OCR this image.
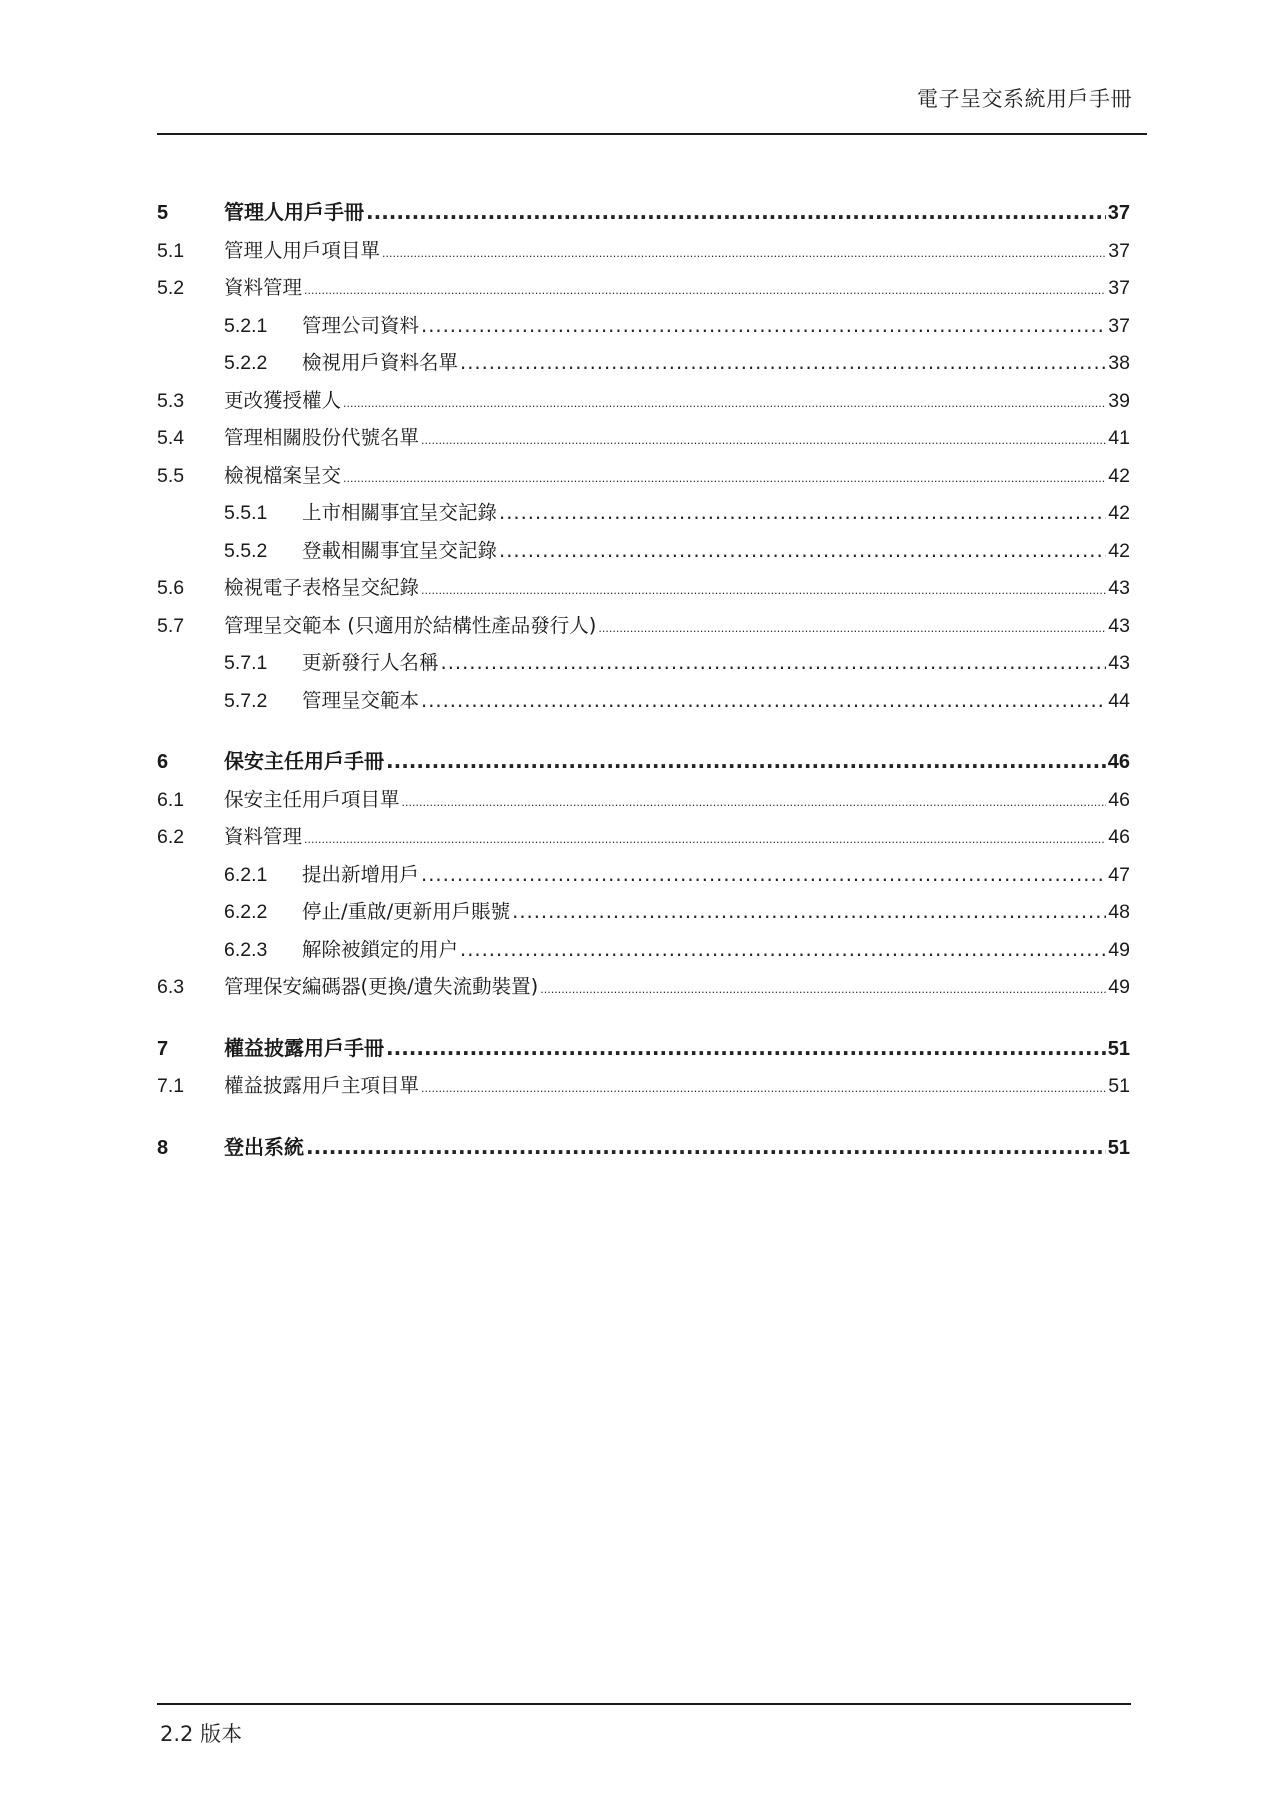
電子呈交系統用戶手冊
5	管理人用戶手冊 .....	37
5.1	管理人用戶項目單 .....	37
5.2	資料管理 .....	37
5.2.1	管理公司資料 .....	37
5.2.2	檢視用戶資料名單 .....	38
5.3	更改獲授權人 .....	39
5.4	管理相關股份代號名單 .....	41
5.5	檢視檔案呈交 .....	42
5.5.1	上市相關事宜呈交記錄 .....	42
5.5.2	登載相關事宜呈交記錄 .....	42
5.6	檢視電子表格呈交紀錄 .....	43
5.7	管理呈交範本 (只適用於結構性產品發行人) .....	43
5.7.1	更新發行人名稱 .....	43
5.7.2	管理呈交範本 .....	44
6	保安主任用戶手冊 .....	46
6.1	保安主任用戶項目單 .....	46
6.2	資料管理 .....	46
6.2.1	提出新增用戶 .....	47
6.2.2	停止/重啟/更新用戶賬號 .....	48
6.2.3	解除被鎖定的用户 .....	49
6.3	管理保安編碼器(更換/遺失流動裝置) .....	49
7	權益披露用戶手冊 .....	51
7.1	權益披露用戶主項目單 .....	51
8	登出系統 .....	51
2.2 版本
